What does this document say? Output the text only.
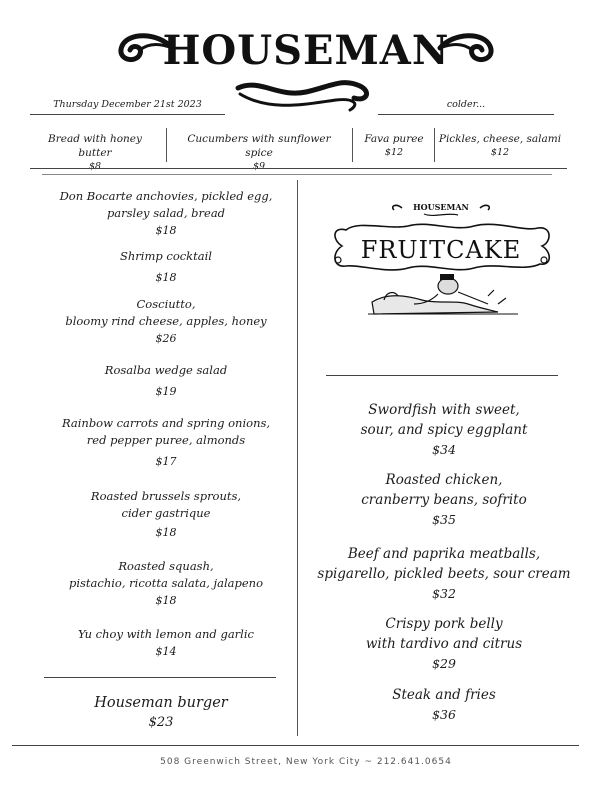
HOUSEMAN
Thursday December 21st 2023	colder...
Bread with honey butter
$8
Cucumbers with sunflower spice
$9
Fava puree
$12
Pickles, cheese, salami
$12
Don Bocarte anchovies, pickled egg,
parsley salad, bread
$18
Shrimp cocktail
$18
Cosciutto,
bloomy rind cheese, apples, honey
$26
Rosalba wedge salad
$19
Rainbow carrots and spring onions,
red pepper puree, almonds
$17
Roasted brussels sprouts,
cider gastrique
$18
Roasted squash,
pistachio, ricotta salata, jalapeno
$18
Yu choy with lemon and garlic
$14
Houseman burger
$23
HOUSEMAN
FRUITCAKE
Swordfish with sweet,
sour, and spicy eggplant
$34
Roasted chicken,
cranberry beans, sofrito
$35
Beef and paprika meatballs,
spigarello, pickled beets, sour cream
$32
Crispy pork belly
with tardivo and citrus
$29
Steak and fries
$36
508 Greenwich Street, New York City ~ 212.641.0654
